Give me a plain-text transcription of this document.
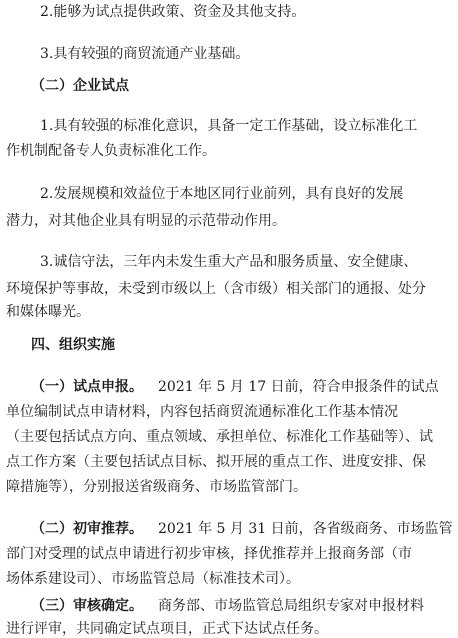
2.能够为试点提供政策、资金及其他支持。
3.具有较强的商贸流通产业基础。
（二）企业试点
1.具有较强的标准化意识，具备一定工作基础，设立标准化工
作机制配备专人负责标准化工作。
2.发展规模和效益位于本地区同行业前列，具有良好的发展
潜力，对其他企业具有明显的示范带动作用。
3.诚信守法，三年内未发生重大产品和服务质量、安全健康、
环境保护等事故，未受到市级以上（含市级）相关部门的通报、处分
和媒体曝光。
四、组织实施
（一）试点申报。 2021 年 5 月 17 日前，符合申报条件的试点
单位编制试点申请材料，内容包括商贸流通标准化工作基本情况
（主要包括试点方向、重点领域、承担单位、标准化工作基础等）、试
点工作方案（主要包括试点目标、拟开展的重点工作、进度安排、保
障措施等），分别报送省级商务、市场监管部门。
（二）初审推荐。 2021 年 5 月 31 日前，各省级商务、市场监管
部门对受理的试点申请进行初步审核，择优推荐并上报商务部（市
场体系建设司）、市场监管总局（标准技术司）。
（三）审核确定。 商务部、市场监管总局组织专家对申报材料
进行评审，共同确定试点项目，正式下达试点任务。
